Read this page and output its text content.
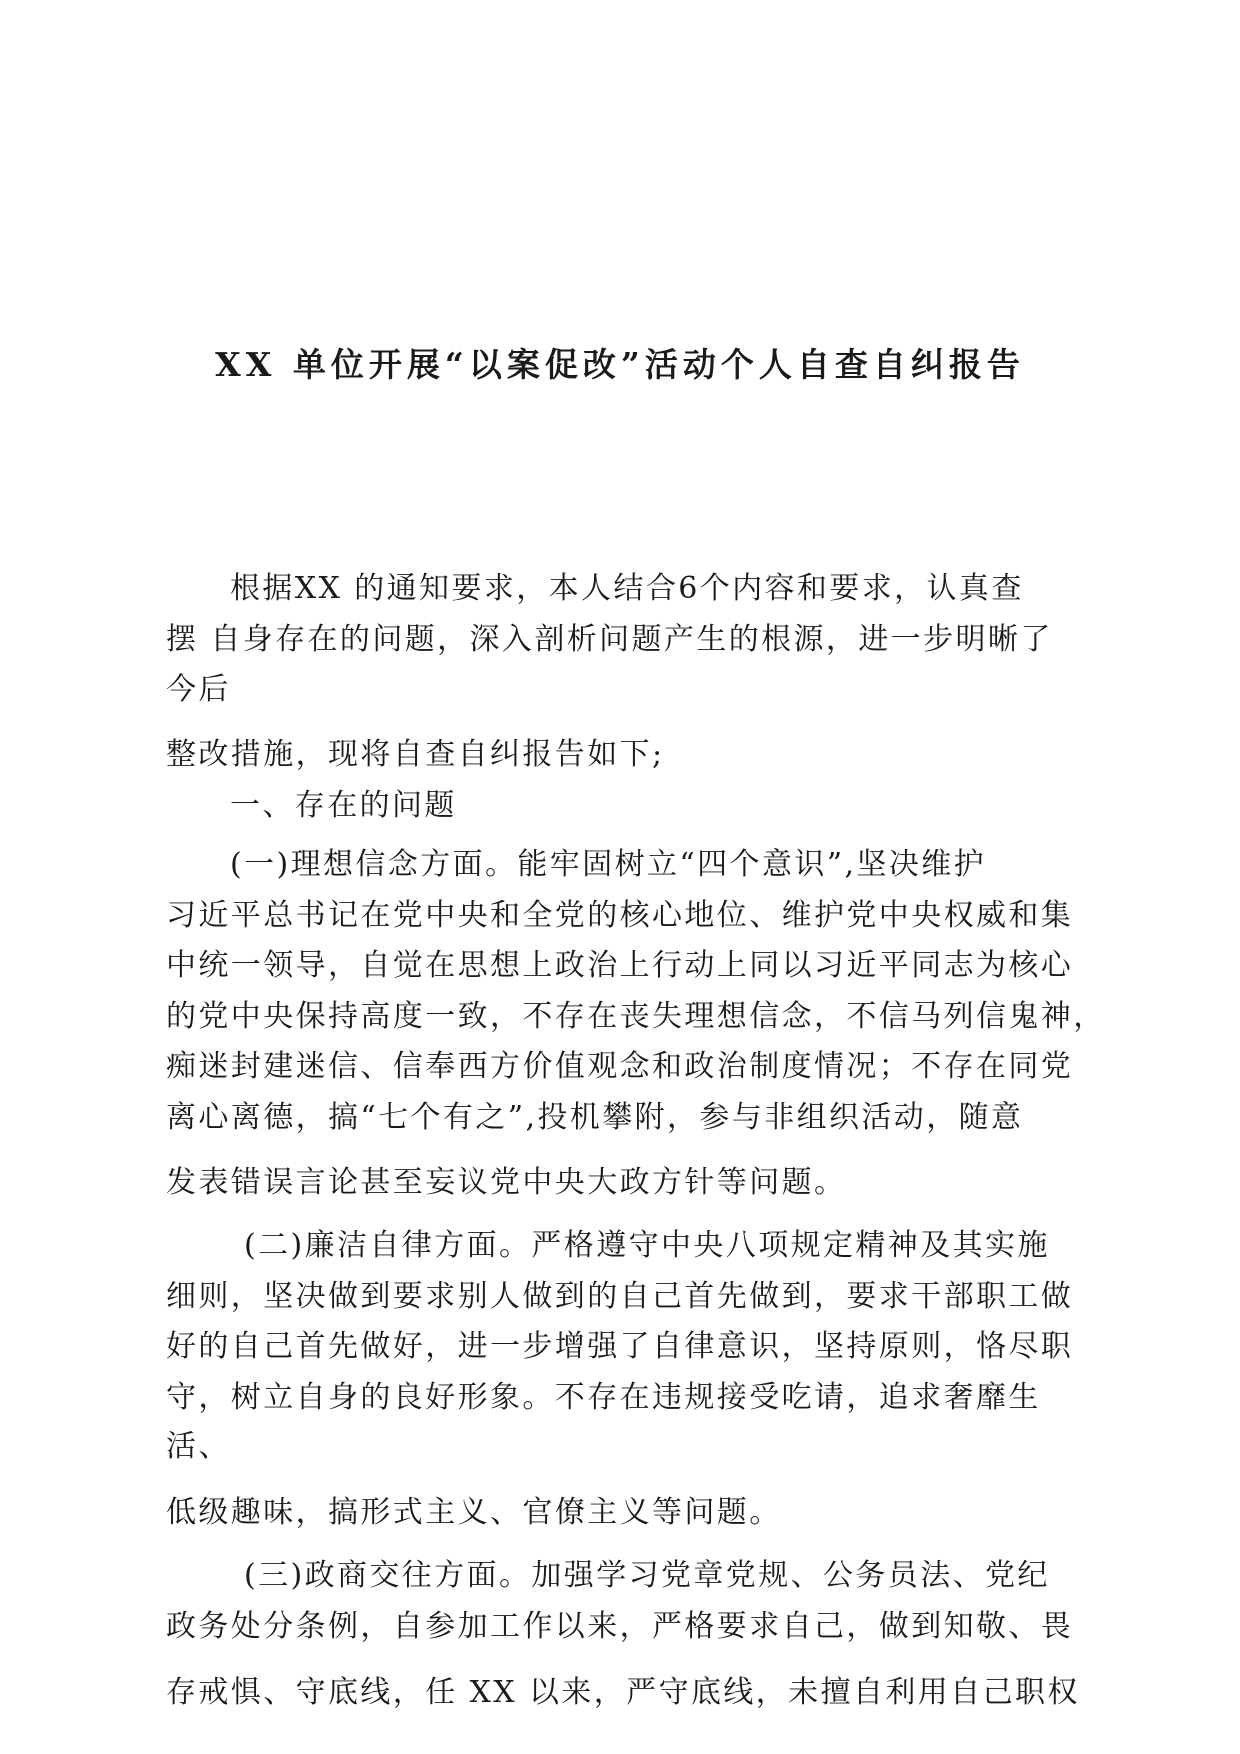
XX 单位开展“以案促改”活动个人自查自纠报告
根据XX 的通知要求，本人结合6个内容和要求，认真查
摆 自身存在的问题，深入剖析问题产生的根源，进一步明晰了
今后
整改措施，现将自查自纠报告如下;
一、存在的问题
(一)理想信念方面。能牢固树立“四个意识”,坚决维护
习近平总书记在党中央和全党的核心地位、维护党中央权威和集
中统一领导，自觉在思想上政治上行动上同以习近平同志为核心
的党中央保持高度一致，不存在丧失理想信念，不信马列信鬼神，
痴迷封建迷信、信奉西方价值观念和政治制度情况；不存在同党
离心离德，搞“七个有之”,投机攀附，参与非组织活动，随意
发表错误言论甚至妄议党中央大政方针等问题。
(二)廉洁自律方面。严格遵守中央八项规定精神及其实施
细则，坚决做到要求别人做到的自己首先做到，要求干部职工做
好的自己首先做好，进一步增强了自律意识，坚持原则，恪尽职
守，树立自身的良好形象。不存在违规接受吃请，追求奢靡生
活、
低级趣味，搞形式主义、官僚主义等问题。
(三)政商交往方面。加强学习党章党规、公务员法、党纪
政务处分条例，自参加工作以来，严格要求自己，做到知敬、畏
存戒惧、守底线，任 XX 以来，严守底线，未擅自利用自己职权
